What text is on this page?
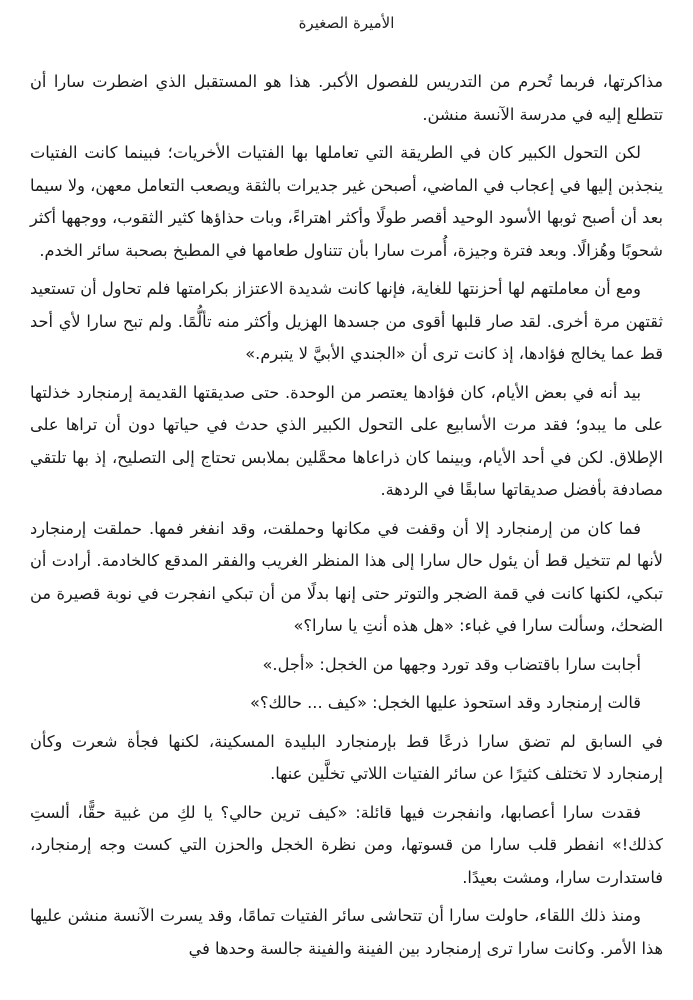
الأميرة الصغيرة

مذاكرتها، فربما تُحرم من التدريس للفصول الأكبر. هذا هو المستقبل الذي اضطرت سارا أن تتطلع إليه في مدرسة الآنسة منشن.

لكن التحول الكبير كان في الطريقة التي تعاملها بها الفتيات الأخريات؛ فبينما كانت الفتيات ينجذبن إليها في إعجاب في الماضي، أصبحن غير جديرات بالثقة ويصعب التعامل معهن، ولا سيما بعد أن أصبح ثوبها الأسود الوحيد أقصر طولًا وأكثر اهتراءً، وبات حذاؤها كثير الثقوب، ووجهها أكثر شحوبًا وهُزالًا. وبعد فترة وجيزة، أُمرت سارا بأن تتناول طعامها في المطبخ بصحبة سائر الخدم.

ومع أن معاملتهم لها أحزنتها للغاية، فإنها كانت شديدة الاعتزاز بكرامتها فلم تحاول أن تستعيد ثقتهن مرة أخرى. لقد صار قلبها أقوى من جسدها الهزيل وأكثر منه تألُّمًا. ولم تبح سارا لأي أحد قط عما يخالج فؤادها، إذ كانت ترى أن «الجندي الأبيَّ لا يتبرم.»

بيد أنه في بعض الأيام، كان فؤادها يعتصر من الوحدة. حتى صديقتها القديمة إرمنجارد خذلتها على ما يبدو؛ فقد مرت الأسابيع على التحول الكبير الذي حدث في حياتها دون أن تراها على الإطلاق. لكن في أحد الأيام، وبينما كان ذراعاها محمَّلين بملابس تحتاج إلى التصليح، إذ بها تلتقي مصادفة بأفضل صديقاتها سابقًا في الردهة.

فما كان من إرمنجارد إلا أن وقفت في مكانها وحملقت، وقد انفغر فمها. حملقت إرمنجارد لأنها لم تتخيل قط أن يئول حال سارا إلى هذا المنظر الغريب والفقر المدقع كالخادمة. أرادت أن تبكي، لكنها كانت في قمة الضجر والتوتر حتى إنها بدلًا من أن تبكي انفجرت في نوبة قصيرة من الضحك، وسألت سارا في غباء: «هل هذه أنتِ يا سارا؟»

أجابت سارا باقتضاب وقد تورد وجهها من الخجل: «أجل.»

قالت إرمنجارد وقد استحوذ عليها الخجل: «كيف ... حالك؟»

في السابق لم تضق سارا ذرعًا قط بإرمنجارد البليدة المسكينة، لكنها فجأة شعرت وكأن إرمنجارد لا تختلف كثيرًا عن سائر الفتيات اللاتي تخلَّين عنها.

فقدت سارا أعصابها، وانفجرت فيها قائلة: «كيف ترين حالي؟ يا لكِ من غبية حقًّا، ألستِ كذلك!» انفطر قلب سارا من قسوتها، ومن نظرة الخجل والحزن التي كست وجه إرمنجارد، فاستدارت سارا، ومشت بعيدًا.

ومنذ ذلك اللقاء، حاولت سارا أن تتحاشى سائر الفتيات تمامًا، وقد يسرت الآنسة منشن عليها هذا الأمر. وكانت سارا ترى إرمنجارد بين الفينة والفينة جالسة وحدها في
